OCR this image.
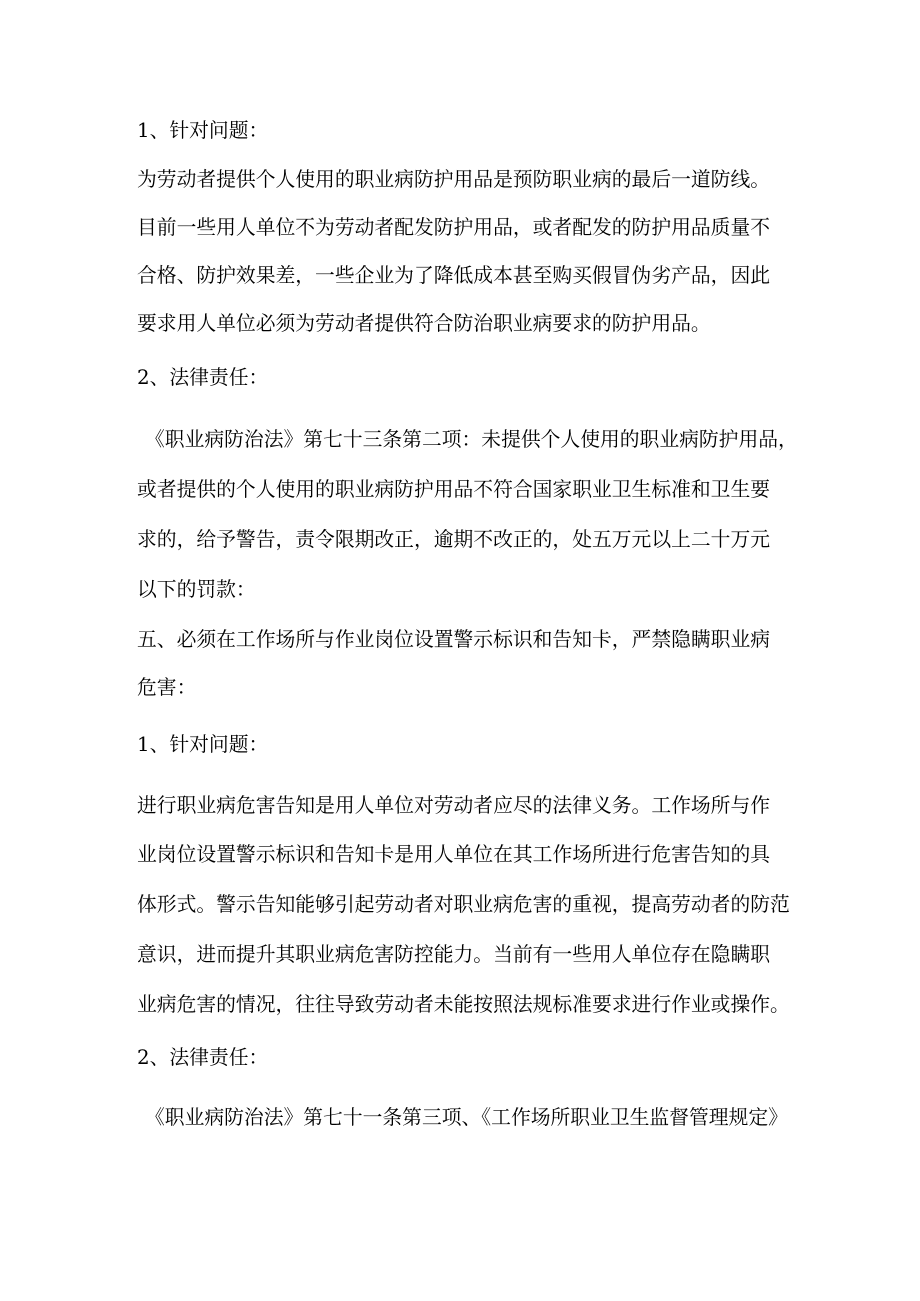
1、针对问题：
为劳动者提供个人使用的职业病防护用品是预防职业病的最后一道防线。
目前一些用人单位不为劳动者配发防护用品，或者配发的防护用品质量不
合格、防护效果差，一些企业为了降低成本甚至购买假冒伪劣产品，因此
要求用人单位必须为劳动者提供符合防治职业病要求的防护用品。
2、法律责任：
《职业病防治法》第七十三条第二项：未提供个人使用的职业病防护用品，
或者提供的个人使用的职业病防护用品不符合国家职业卫生标准和卫生要
求的，给予警告，责令限期改正，逾期不改正的，处五万元以上二十万元
以下的罚款：
五、必须在工作场所与作业岗位设置警示标识和告知卡，严禁隐瞒职业病
危害：
1、针对问题：
进行职业病危害告知是用人单位对劳动者应尽的法律义务。工作场所与作
业岗位设置警示标识和告知卡是用人单位在其工作场所进行危害告知的具
体形式。警示告知能够引起劳动者对职业病危害的重视，提高劳动者的防范
意识，进而提升其职业病危害防控能力。当前有一些用人单位存在隐瞒职
业病危害的情况，往往导致劳动者未能按照法规标准要求进行作业或操作。
2、法律责任：
《职业病防治法》第七十一条第三项、《工作场所职业卫生监督管理规定》
